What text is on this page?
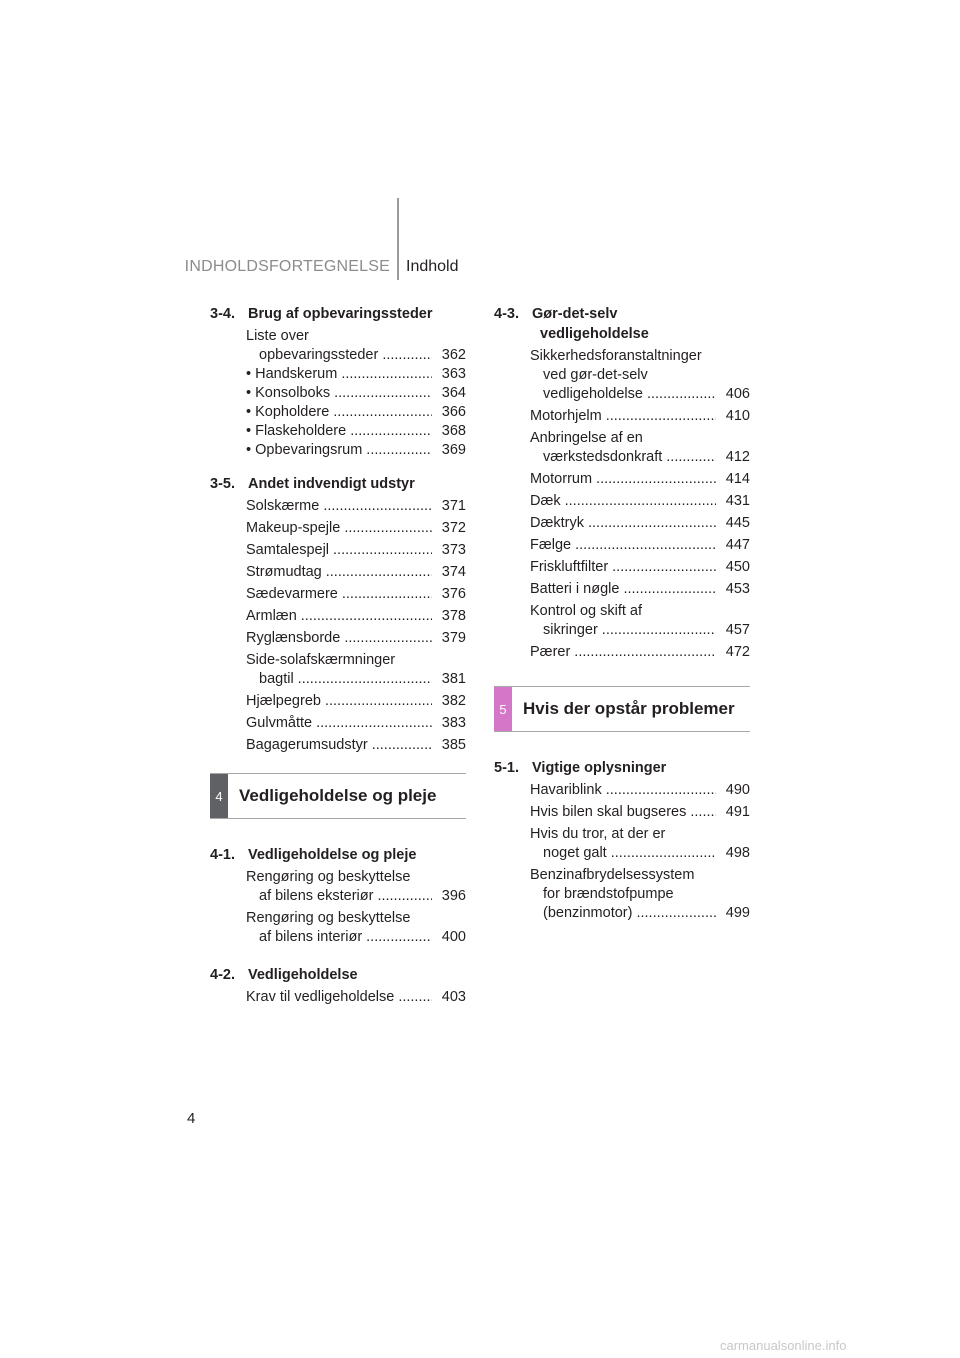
INDHOLDSFORTEGNELSE Indhold
3-4. Brug af opbevaringssteder
Liste over
opbevaringssteder .....	362
• Handskerum .....	363
• Konsolboks .....	364
• Kopholdere .....	366
• Flaskeholdere .....	368
• Opbevaringsrum .....	369
3-5. Andet indvendigt udstyr
Solskærme .....	371
Makeup-spejle .....	372
Samtalespejl .....	373
Strømudtag .....	374
Sædevarmere .....	376
Armlæn .....	378
Ryglænsborde .....	379
Side-solafskærmninger
bagtil .....	381
Hjælpegreb .....	382
Gulvmåtte .....	383
Bagagerumsudstyr .....	385
4 Vedligeholdelse og pleje
4-1. Vedligeholdelse og pleje
Rengøring og beskyttelse
af bilens eksteriør .....	396
Rengøring og beskyttelse
af bilens interiør .....	400
4-2. Vedligeholdelse
Krav til vedligeholdelse .....	403
4-3. Gør-det-selv
vedligeholdelse
Sikkerhedsforanstaltninger
ved gør-det-selv
vedligeholdelse .....	406
Motorhjelm .....	410
Anbringelse af en
værkstedsdonkraft .....	412
Motorrum .....	414
Dæk .....	431
Dæktryk .....	445
Fælge .....	447
Friskluftfilter .....	450
Batteri i nøgle .....	453
Kontrol og skift af
sikringer .....	457
Pærer .....	472
5 Hvis der opstår problemer
5-1. Vigtige oplysninger
Havariblink .....	490
Hvis bilen skal bugseres .....	491
Hvis du tror, at der er
noget galt .....	498
Benzinafbrydelsessystem
for brændstofpumpe
(benzinmotor) .....	499
4
carmanualsonline.info
